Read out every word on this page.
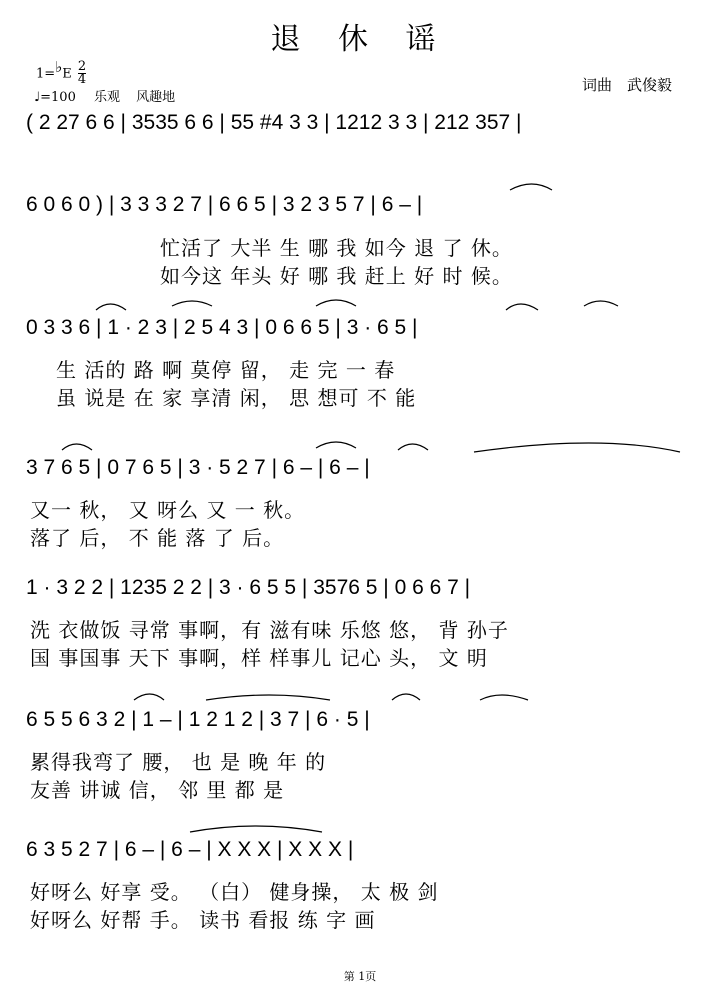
退 休 谣
$1=^♭E \frac{2}{4}$
♩=100 乐观 风趣地
词曲　武俊毅
( 2 27 6 6 | 3535 6 6 | 55 #4 3 3 | 1212 3 3 | 212 357 |
6 0 6 0 ) | 3 3 3 2 7 | 6 6 5 | 3 2 3 5 7 | 6 – |
忙活了 大半 生 哪 我 如今 退 了 休。
如今这 年头 好 哪 我 赶上 好 时 候。
0 3 3 6 | 1 · 2 3 | 2 5 4 3 | 0 6 6 5 | 3 · 6 5 |
生 活的 路 啊 莫停 留， 走 完 一 春
虽 说是 在 家 享清 闲， 思 想可 不 能
3 7 6 5 | 0 7 6 5 | 3 · 5 2 7 | 6 – | 6 – |
又一 秋， 又 呀么 又 一 秋。
落了 后， 不 能 落 了 后。
1 · 3 2 2 | 1235 2 2 | 3 · 6 5 5 | 3576 5 | 0 6 6 7 |
洗 衣做饭 寻常 事啊，有 滋有味 乐悠 悠， 背 孙子
国 事国事 天下 事啊，样 样事儿 记心 头， 文 明
6 5 5 6 3 2 | 1 – | 1 2 1 2 | 3 7 | 6 · 5 |
累得我弯了 腰， 也 是 晚 年 的
友善 讲诚 信， 邻 里 都 是
6 3 5 2 7 | 6 – | 6 – | X X X | X X X |
好呀么 好享 受。 （白） 健身操， 太 极 剑
好呀么 好帮 手。 读书 看报 练 字 画
第 1页
